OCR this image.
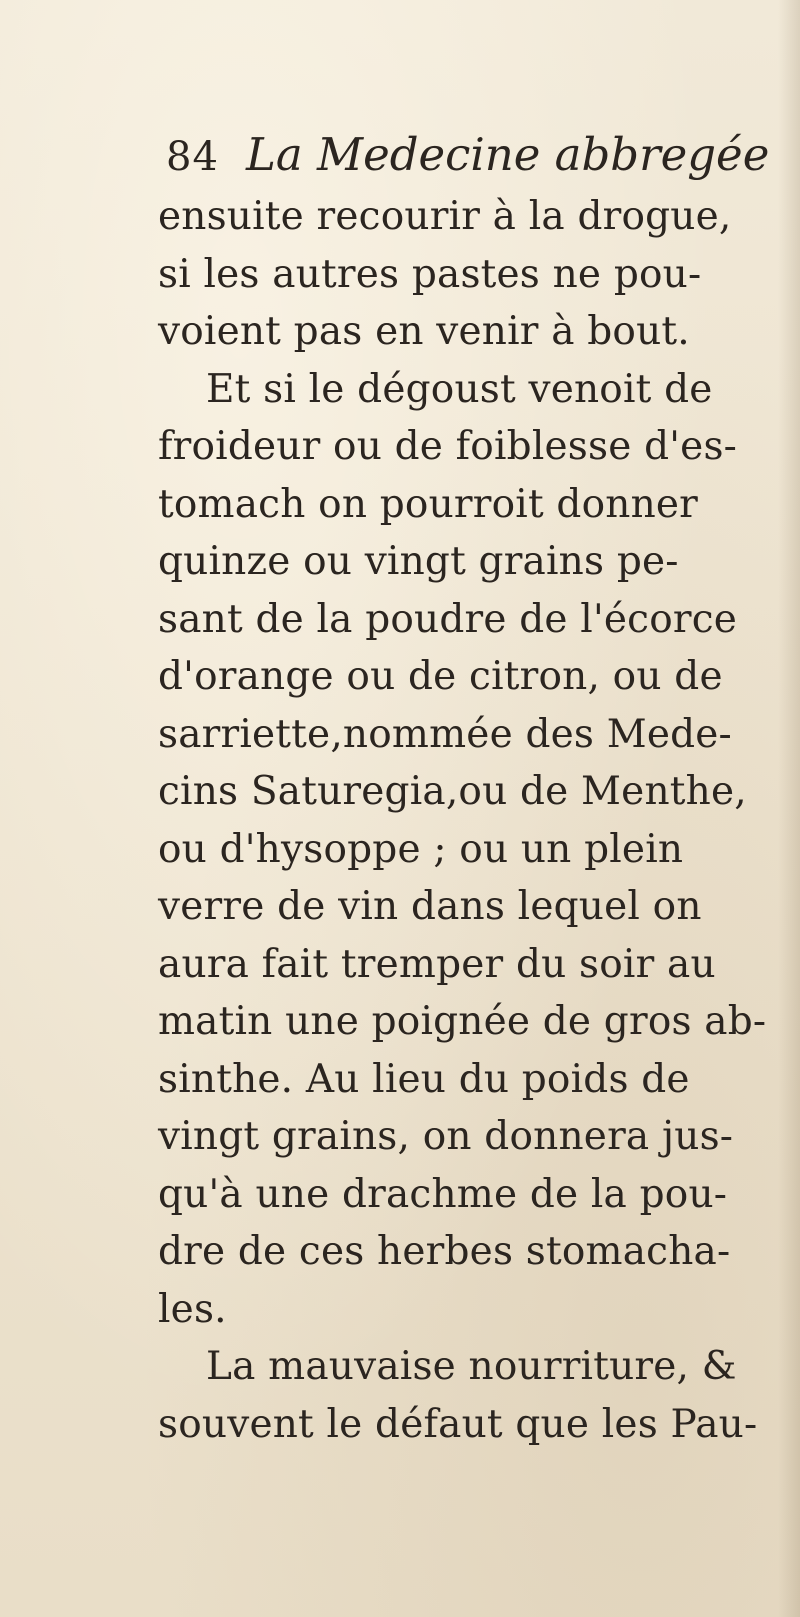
84 La Medecine abbregée
ensuite recourir à la drogue,
si les autres pastes ne pou-
voient pas en venir à bout.
Et si le dégoust venoit de
froideur ou de foiblesse d'es-
tomach on pourroit donner
quinze ou vingt grains pe-
sant de la poudre de l'écorce
d'orange ou de citron, ou de
sarriette,nommée des Mede-
cins Saturegia,ou de Menthe,
ou d'hysoppe ; ou un plein
verre de vin dans lequel on
aura fait tremper du soir au
matin une poignée de gros ab-
sinthe. Au lieu du poids de
vingt grains, on donnera jus-
qu'à une drachme de la pou-
dre de ces herbes stomacha-
les.
La mauvaise nourriture, &
souvent le défaut que les Pau-
